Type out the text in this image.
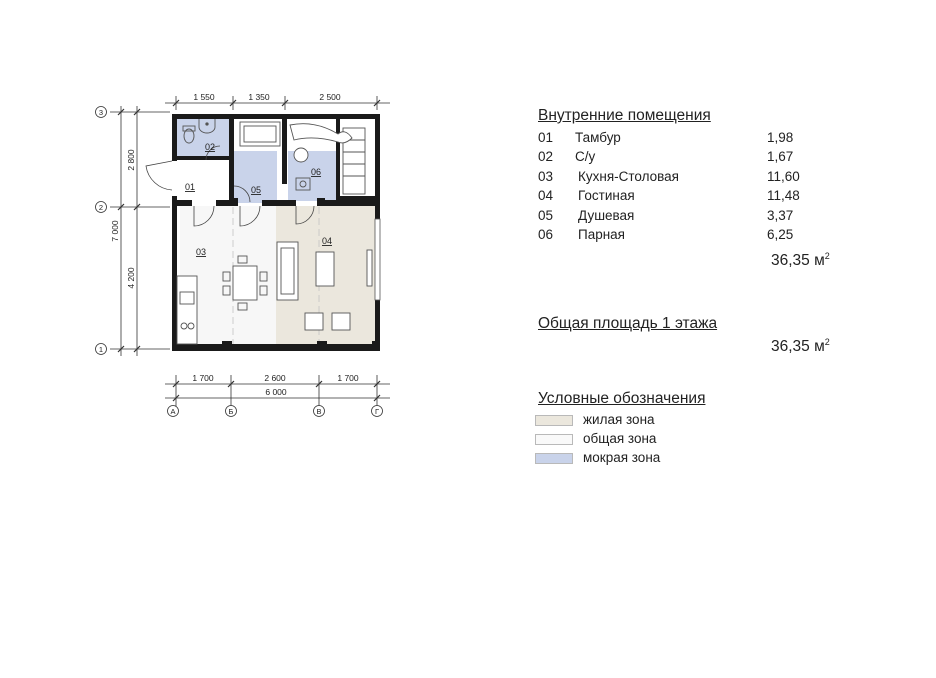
1 550	1 350	2 500
1 700	2 600	1 700
6 000
7 000
2 800
4 200
3
2
1
А	Б	В	Г
01
02
03
04
05
06

Внутренние помещения

01 Тамбур	1,98
02 С/у	1,67
03 Кухня-Столовая	11,60
04 Гостиная	11,48
05 Душевая	3,37
06 Парная	6,25
36,35 $м^2$

Общая площадь 1 этажа

36,35 $м^2$

Условные обозначения

жилая зона
общая зона
мокрая зона
